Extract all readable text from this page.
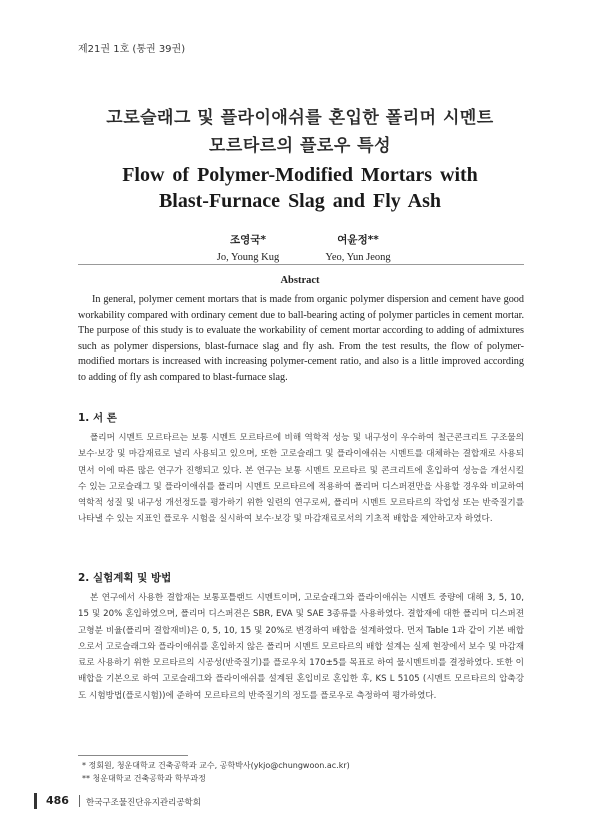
제21권 1호 (통권 39권)
고로슬래그 및 플라이애쉬를 혼입한 폴리머 시멘트
모르타르의 플로우 특성
Flow of Polymer-Modified Mortars with
Blast-Furnace Slag and Fly Ash
조영국*
Jo, Young Kug
여윤정**
Yeo, Yun Jeong
Abstract
In general, polymer cement mortars that is made from organic polymer dispersion and cement have good workability compared with ordinary cement due to ball-bearing acting of polymer particles in cement mortar. The purpose of this study is to evaluate the workability of cement mortar according to adding of admixtures such as polymer dispersions, blast-furnace slag and fly ash. From the test results, the flow of polymer-modified mortars is increased with increasing polymer-cement ratio, and also is a little improved according to adding of fly ash compared to blast-furnace slag.
1. 서 론
폴리머 시멘트 모르타르는 보통 시멘트 모르타르에 비해 역학적 성능 및 내구성이 우수하여 철근콘크리트 구조물의 보수·보강 및 마감재료로 널리 사용되고 있으며, 또한 고로슬래그 및 플라이애쉬는 시멘트를 대체하는 결합재로 사용되면서 이에 따른 많은 연구가 진행되고 있다. 본 연구는 보통 시멘트 모르타르 및 콘크리트에 혼입하여 성능을 개선시킬 수 있는 고로슬래그 및 플라이애쉬를 폴리머 시멘트 모르타르에 적용하여 폴리머 디스퍼젼만을 사용할 경우와 비교하여 역학적 성질 및 내구성 개선정도를 평가하기 위한 일련의 연구로써, 폴리머 시멘트 모르타르의 작업성 또는 반죽질기를 나타낼 수 있는 지표인 플로우 시험을 실시하여 보수·보강 및 마감재료로서의 기초적 배합을 제안하고자 하였다.
2. 실험계획 및 방법
본 연구에서 사용한 결합재는 보통포틀랜드 시멘트이며, 고로슬래그와 플라이애쉬는 시멘트 중량에 대해 3, 5, 10, 15 및 20% 혼입하였으며, 폴리머 디스퍼젼은 SBR, EVA 및 SAE 3종류를 사용하였다. 결합재에 대한 폴리머 디스퍼젼 고형분 비율(폴리머 결합재비)은 0, 5, 10, 15 및 20%로 변경하여 배합을 설계하였다. 먼저 Table 1과 같이 기본 배합으로서 고로슬래그와 플라이애쉬를 혼입하지 않은 폴리머 시멘트 모르타르의 배합 설계는 실제 현장에서 보수 및 마감재료로 사용하기 위한 모르타르의 시공성(반죽질기)를 플로우치 170±5를 목표로 하여 물시멘트비를 결정하였다. 또한 이 배합을 기본으로 하여 고로슬래그와 플라이애쉬를 설계된 혼입비로 혼입한 후, KS L 5105 (시멘트 모르타르의 압축강도 시험방법(플로시험))에 준하여 모르타르의 반죽질기의 정도를 플로우로 측정하여 평가하였다.
* 정회원, 청운대학교 건축공학과 교수, 공학박사(ykjo@chungwoon.ac.kr)
** 청운대학교 건축공학과 학부과정
486 한국구조물진단유지관리공학회
